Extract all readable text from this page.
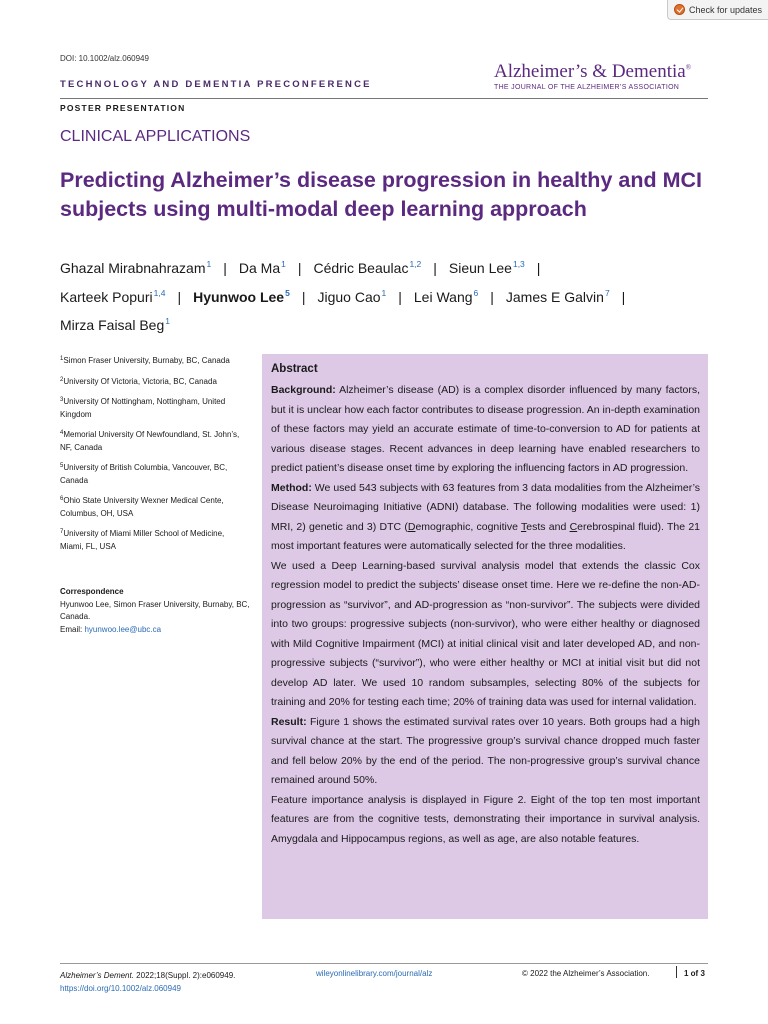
Check for updates
DOI: 10.1002/alz.060949
TECHNOLOGY AND DEMENTIA PRECONFERENCE
POSTER PRESENTATION
Alzheimer’s & Dementia®
THE JOURNAL OF THE ALZHEIMER’S ASSOCIATION
CLINICAL APPLICATIONS
Predicting Alzheimer’s disease progression in healthy and MCI subjects using multi-modal deep learning approach
Ghazal Mirabnahrazam$^1$ | Da Ma$^1$ | Cédric Beaulac$^{1,2}$ | Sieun Lee$^{1,3}$ |
Karteek Popuri$^{1,4}$ | Hyunwoo Lee$^5$ | Jiguo Cao$^1$ | Lei Wang$^6$ | James E Galvin$^7$ |
Mirza Faisal Beg$^1$
$^1$Simon Fraser University, Burnaby, BC, Canada
$^2$University Of Victoria, Victoria, BC, Canada
$^3$University Of Nottingham, Nottingham, United Kingdom
$^4$Memorial University Of Newfoundland, St. John’s, NF, Canada
$^5$University of British Columbia, Vancouver, BC, Canada
$^6$Ohio State University Wexner Medical Cente, Columbus, OH, USA
$^7$University of Miami Miller School of Medicine, Miami, FL, USA
Correspondence
Hyunwoo Lee, Simon Fraser University, Burnaby, BC, Canada.
Email: hyunwoo.lee@ubc.ca
Abstract

Background: Alzheimer’s disease (AD) is a complex disorder influenced by many factors, but it is unclear how each factor contributes to disease progression. An in-depth examination of these factors may yield an accurate estimate of time-to-conversion to AD for patients at various disease stages. Recent advances in deep learning have enabled researchers to predict patient’s disease onset time by exploring the influencing factors in AD progression.

Method: We used 543 subjects with 63 features from 3 data modalities from the Alzheimer’s Disease Neuroimaging Initiative (ADNI) database. The following modalities were used: 1) MRI, 2) genetic and 3) DTC (Demographic, cognitive Tests and Cerebrospinal fluid). The 21 most important features were automatically selected for the three modalities.

We used a Deep Learning-based survival analysis model that extends the classic Cox regression model to predict the subjects’ disease onset time. Here we re-define the non-AD-progression as “survivor”, and AD-progression as “non-survivor”. The subjects were divided into two groups: progressive subjects (non-survivor), who were either healthy or diagnosed with Mild Cognitive Impairment (MCI) at initial clinical visit and later developed AD, and non-progressive subjects (“survivor”), who were either healthy or MCI at initial visit but did not develop AD later. We used 10 random subsamples, selecting 80% of the subjects for training and 20% for testing each time; 20% of training data was used for internal validation.

Result: Figure 1 shows the estimated survival rates over 10 years. Both groups had a high survival chance at the start. The progressive group’s survival chance dropped much faster and fell below 20% by the end of the period. The non-progressive group’s survival chance remained around 50%.

Feature importance analysis is displayed in Figure 2. Eight of the top ten most important features are from the cognitive tests, demonstrating their importance in survival analysis. Amygdala and Hippocampus regions, as well as age, are also notable features.

Alzheimer’s Dement. 2022;18(Suppl. 2):e060949.
https://doi.org/10.1002/alz.060949
wileyonlinelibrary.com/journal/alz	© 2022 the Alzheimer’s Association.	1 of 3
